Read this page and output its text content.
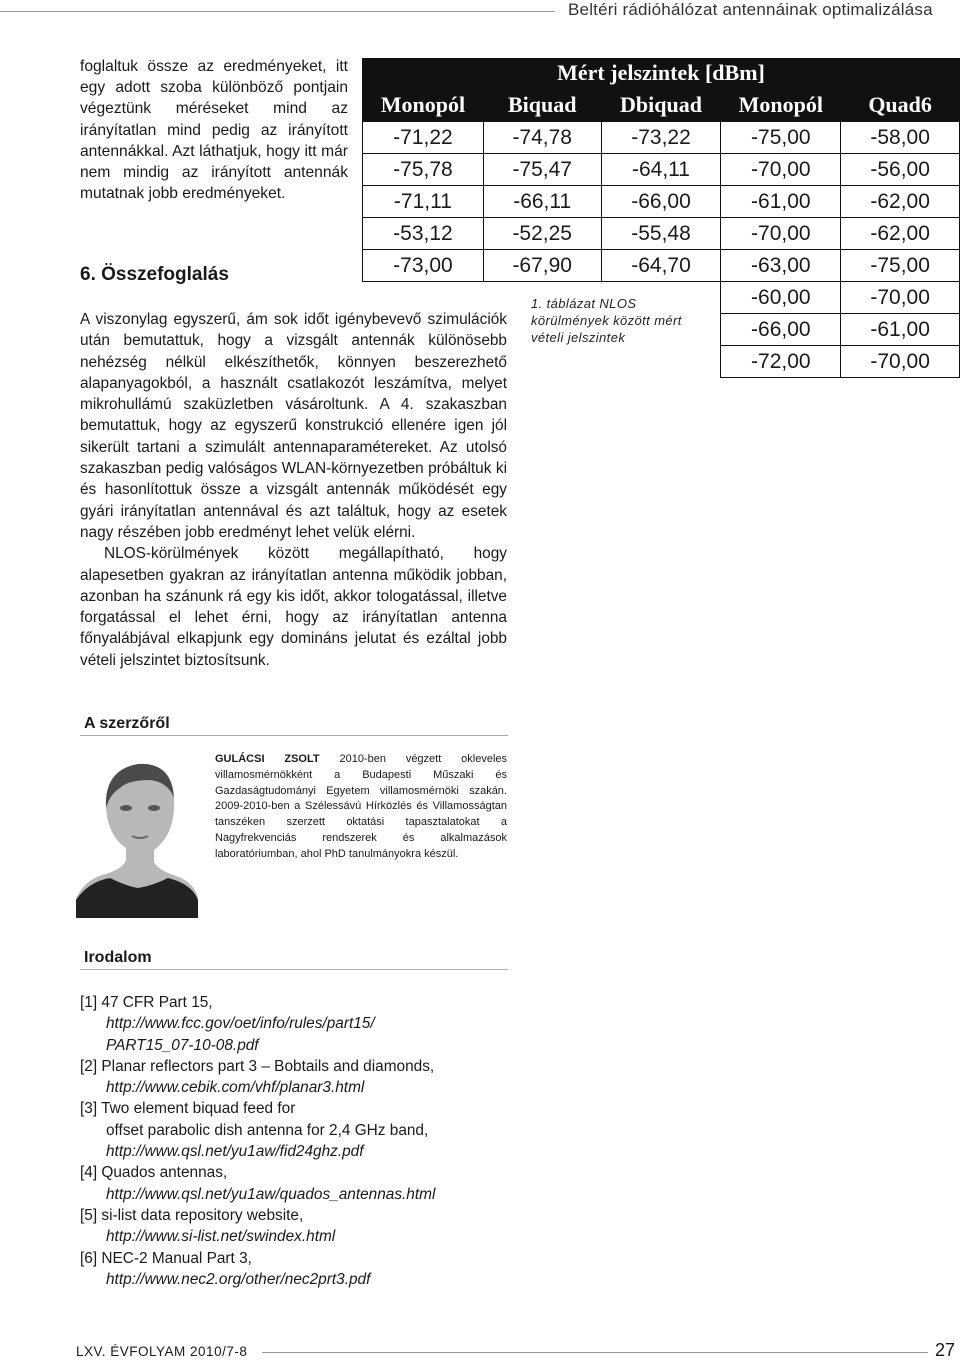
Beltéri rádióhálózat antennáinak optimalizálása

foglaltuk össze az eredményeket, itt egy adott szoba különböző pontjain végeztünk méréseket mind az irányítatlan mind pedig az irányított antennákkal. Azt láthatjuk, hogy itt már nem mindig az irányított antennák mutatnak jobb eredményeket.

6. Összefoglalás

A viszonylag egyszerű, ám sok időt igénybevevő szimulációk után bemutattuk, hogy a vizsgált antennák különösebb nehézség nélkül elkészíthetők, könnyen beszerezhető alapanyagokból, a használt csatlakozót leszámítva, melyet mikrohullámú szaküzletben vásároltunk. A 4. szakaszban bemutattuk, hogy az egyszerű konstrukció ellenére igen jól sikerült tartani a szimulált antennaparamétereket. Az utolsó szakaszban pedig valóságos WLAN-környezetben próbáltuk ki és hasonlítottuk össze a vizsgált antennák működését egy gyári irányítatlan antennával és azt találtuk, hogy az esetek nagy részében jobb eredményt lehet velük elérni.

NLOS-körülmények között megállapítható, hogy alapesetben gyakran az irányítatlan antenna működik jobban, azonban ha szánunk rá egy kis időt, akkor tologatással, illetve forgatással el lehet érni, hogy az irányítatlan antenna főnyalábjával elkapjunk egy domináns jelutat és ezáltal jobb vételi jelszintet biztosítsunk.

Mért jelszintek [dBm]
Monopól	Biquad	Dbiquad	Monopól	Quad6
-71,22	-74,78	-73,22	-75,00	-58,00
-75,78	-75,47	-64,11	-70,00	-56,00
-71,11	-66,11	-66,00	-61,00	-62,00
-53,12	-52,25	-55,48	-70,00	-62,00
-73,00	-67,90	-64,70	-63,00	-75,00
			-60,00	-70,00
			-66,00	-61,00
			-72,00	-70,00
1. táblázat NLOS körülmények között mért vételi jelszintek
A szerzőről
GULÁCSI ZSOLT 2010-ben végzett okleveles villamosmérnökként a Budapesti Műszaki és Gazdaságtudományi Egyetem villamosmérnöki szakán. 2009-2010-ben a Szélessávú Hírközlés és Villamosságtan tanszéken szerzett oktatási tapasztalatokat a Nagyfrekvenciás rendszerek és alkalmazások laboratóriumban, ahol PhD tanulmányokra készül.
Irodalom
[1] 47 CFR Part 15,
http://www.fcc.gov/oet/info/rules/part15/
PART15_07-10-08.pdf
[2] Planar reflectors part 3 – Bobtails and diamonds,
http://www.cebik.com/vhf/planar3.html
[3] Two element biquad feed for
offset parabolic dish antenna for 2,4 GHz band,
http://www.qsl.net/yu1aw/fid24ghz.pdf
[4] Quados antennas,
http://www.qsl.net/yu1aw/quados_antennas.html
[5] si-list data repository website,
http://www.si-list.net/swindex.html
[6] NEC-2 Manual Part 3,
http://www.nec2.org/other/nec2prt3.pdf
LXV. ÉVFOLYAM 2010/7-8	27
